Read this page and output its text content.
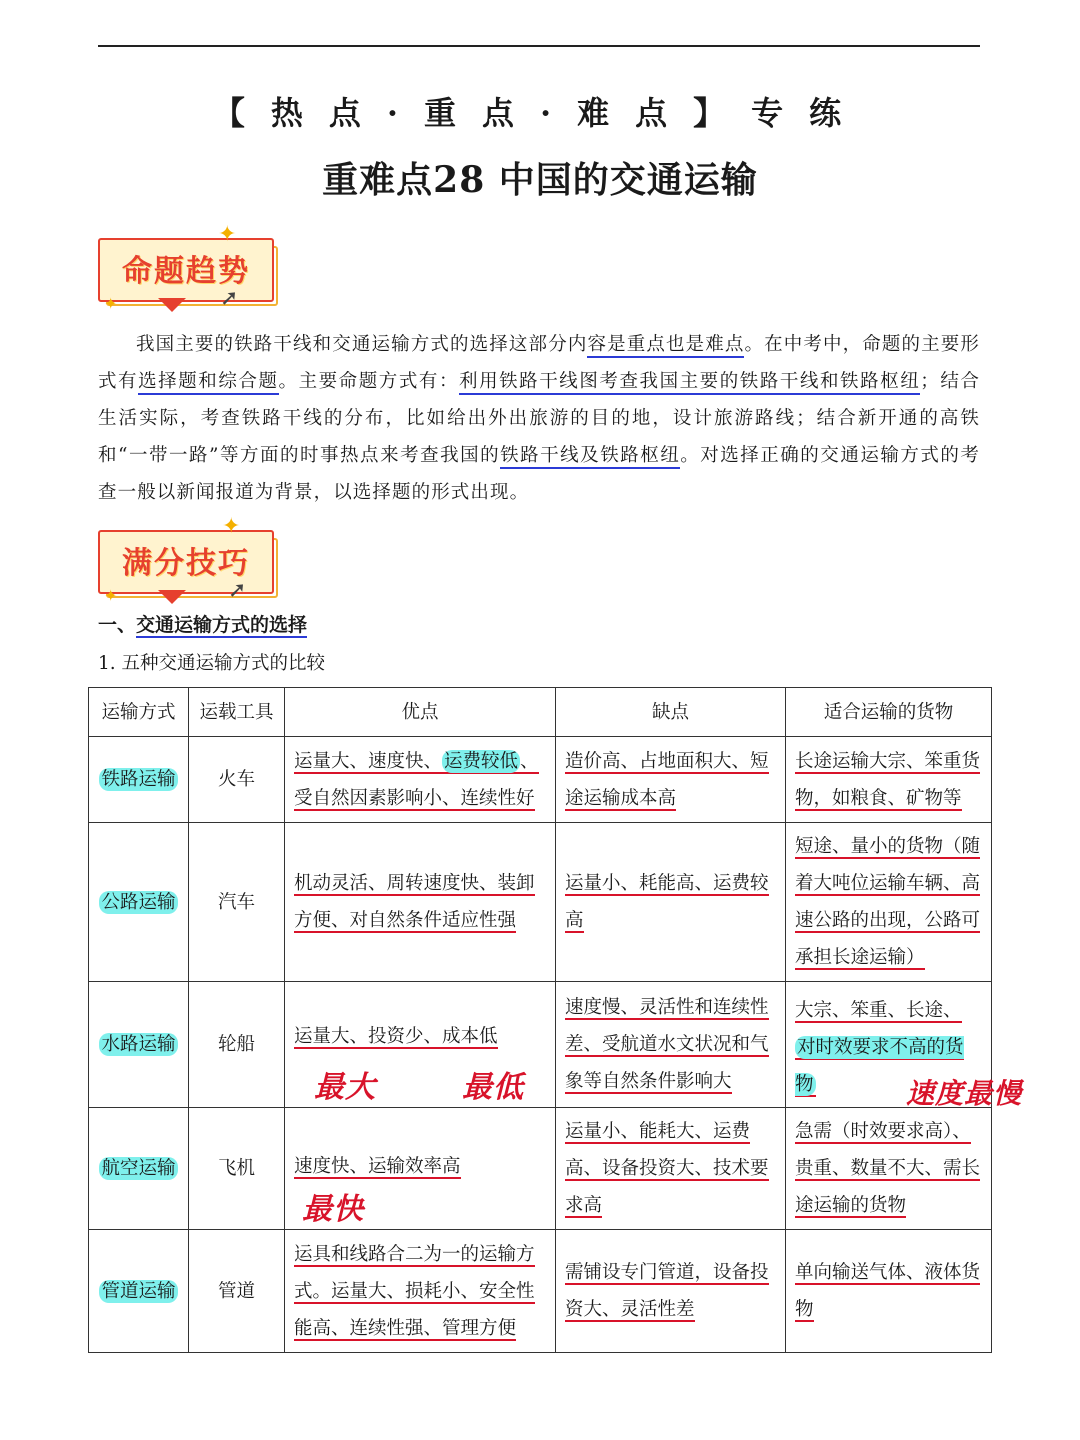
【热点·重点·难点】专练
重难点28 中国的交通运输
命题趋势
✦
✦	➚
我国主要的铁路干线和交通运输方式的选择这部分内容是重点也是难点。在中考中，命题的主要形式有选择题和综合题。主要命题方式有：利用铁路干线图考查我国主要的铁路干线和铁路枢纽；结合生活实际，考查铁路干线的分布，比如给出外出旅游的目的地，设计旅游路线；结合新开通的高铁和“一带一路”等方面的时事热点来考查我国的铁路干线及铁路枢纽。对选择正确的交通运输方式的考查一般以新闻报道为背景，以选择题的形式出现。
满分技巧
✦
✦	➚
一、交通运输方式的选择
1. 五种交通运输方式的比较
运输方式	运载工具	优点	缺点	适合运输的货物
铁路运输	火车	运量大、速度快、 运费较低 、受自然因素影响小、连续性好	造价高、占地面积大、短途运输成本高	长途运输大宗、笨重货物，如粮食、矿物等
公路运输	汽车	机动灵活、周转速度快、装卸方便、对自然条件适应性强	运量小、耗能高、运费较高	短途、量小的货物（随着大吨位运输车辆、高速公路的出现，公路可承担长途运输）
水路运输	轮船	运量大、投资少、成本低	速度慢、灵活性和连续性差、受航道水文状况和气象等自然条件影响大	大宗、笨重、长途、对时效要求不高的货物
航空运输	飞机	速度快、运输效率高	运量小、能耗大、运费高、设备投资大、技术要求高	急需（时效要求高）、贵重、数量不大、需长途运输的货物
管道运输	管道	运具和线路合二为一的运输方式。运量大、损耗小、安全性能高、连续性强、管理方便	需铺设专门管道，设备投资大、灵活性差	单向输送气体、液体货物
最大	最低	速度最慢
最快
